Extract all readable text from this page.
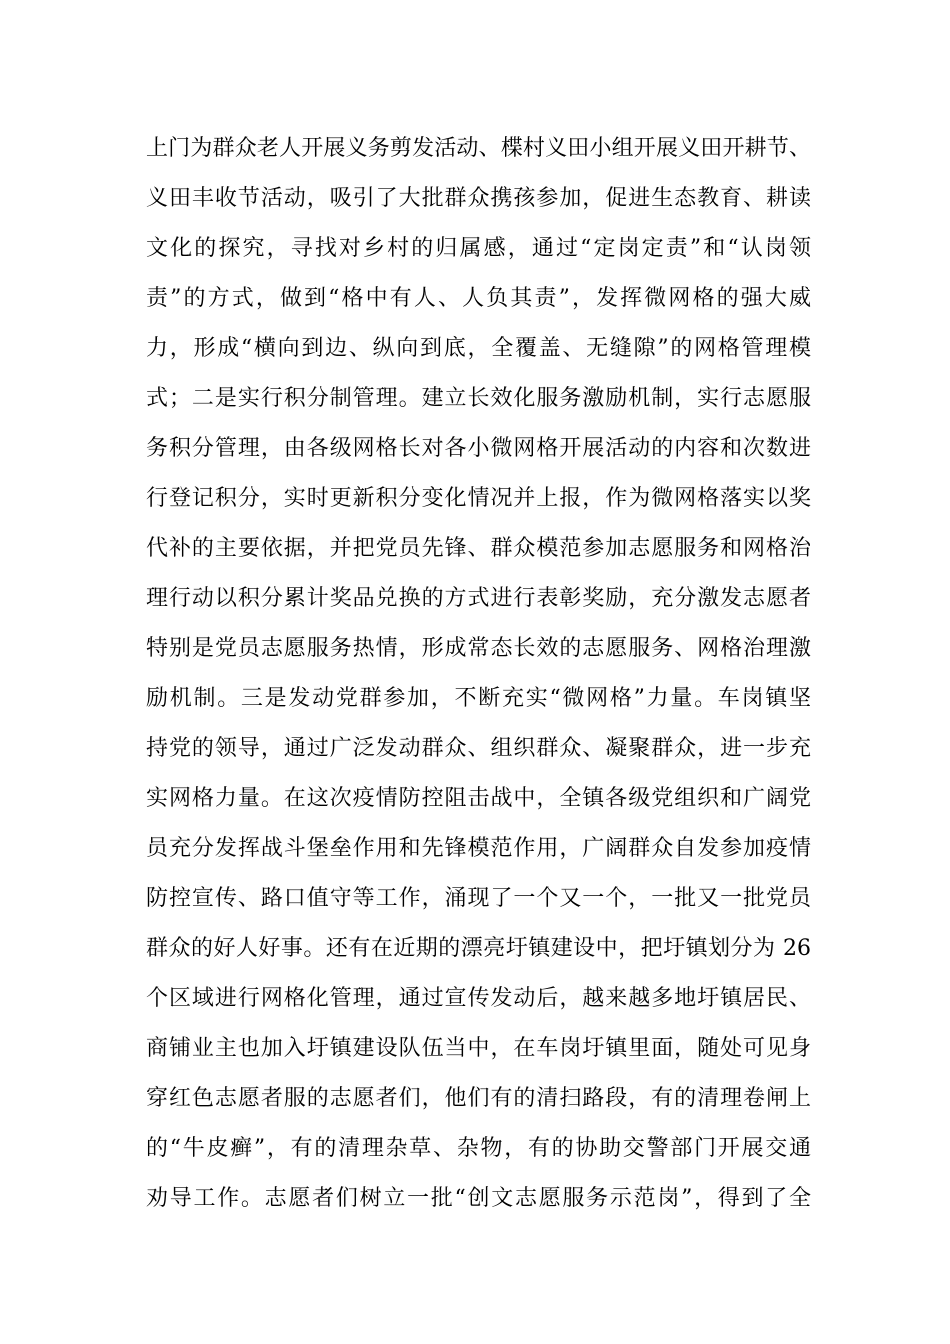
上门为群众老人开展义务剪发活动、楪村义田小组开展义田开耕节、
义田丰收节活动，吸引了大批群众携孩参加，促进生态教育、耕读
文化的探究，寻找对乡村的归属感，通过“定岗定责”和“认岗领
责”的方式，做到“格中有人、人负其责”，发挥微网格的强大威
力，形成“横向到边、纵向到底，全覆盖、无缝隙”的网格管理模
式；二是实行积分制管理。建立长效化服务激励机制，实行志愿服
务积分管理，由各级网格长对各小微网格开展活动的内容和次数进
行登记积分，实时更新积分变化情况并上报，作为微网格落实以奖
代补的主要依据，并把党员先锋、群众模范参加志愿服务和网格治
理行动以积分累计奖品兑换的方式进行表彰奖励，充分激发志愿者
特别是党员志愿服务热情，形成常态长效的志愿服务、网格治理激
励机制。三是发动党群参加，不断充实“微网格”力量。车岗镇坚
持党的领导，通过广泛发动群众、组织群众、凝聚群众，进一步充
实网格力量。在这次疫情防控阻击战中，全镇各级党组织和广阔党
员充分发挥战斗堡垒作用和先锋模范作用，广阔群众自发参加疫情
防控宣传、路口值守等工作，涌现了一个又一个，一批又一批党员
群众的好人好事。还有在近期的漂亮圩镇建设中，把圩镇划分为 26
个区域进行网格化管理，通过宣传发动后，越来越多地圩镇居民、
商铺业主也加入圩镇建设队伍当中，在车岗圩镇里面，随处可见身
穿红色志愿者服的志愿者们，他们有的清扫路段，有的清理卷闸上
的“牛皮癣”，有的清理杂草、杂物，有的协助交警部门开展交通
劝导工作。志愿者们树立一批“创文志愿服务示范岗”，得到了全
